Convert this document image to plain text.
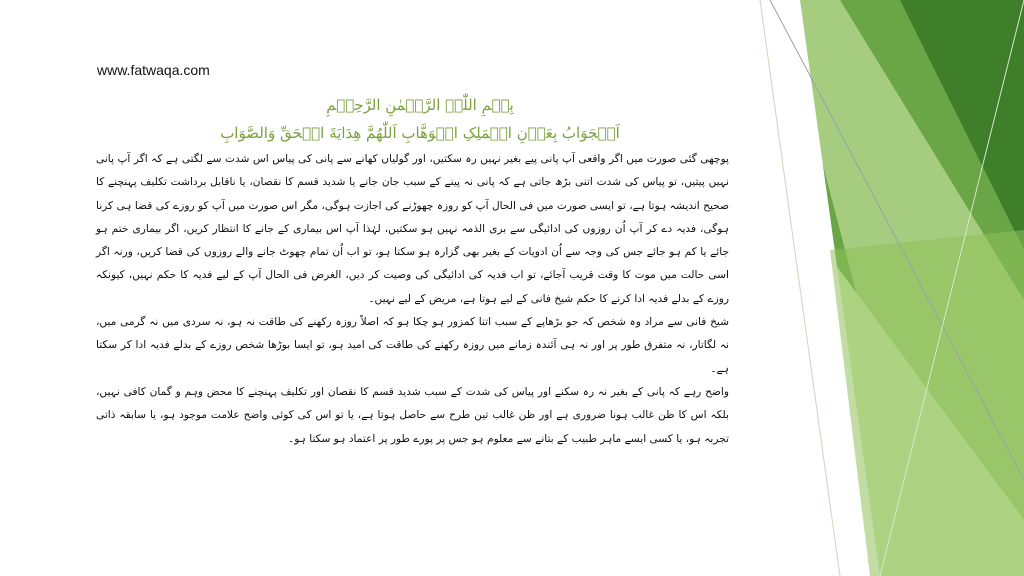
www.fatwaqa.com
بِسۡمِ اللّٰہِ الرَّحۡمٰنِ الرَّحِیۡمِ
اَلۡجَوَابُ بِعَوۡنِ الۡمَلِکِ الۡوَهَّابِ اَللّٰهُمَّ هِدَایَةَ الۡحَقِّ وَالصَّوَابِ

پوچھی گئی صورت میں اگر واقعی آپ پانی پیے بغیر نہیں رہ سکتیں، اور گولیاں کھانے سے پانی کی پیاس اس شدت سے لگتی ہے کہ اگر آپ پانی نہیں پیتیں، تو پیاس کی شدت اتنی بڑھ جاتی ہے کہ پانی نہ پینے کے سبب جان جانے یا شدید قسم کا نقصان، یا ناقابل برداشت تکلیف پہنچنے کا صحیح اندیشہ ہوتا ہے، تو ایسی صورت میں فی الحال آپ کو روزہ چھوڑنے کی اجازت ہوگی، مگر اس صورت میں آپ کو روزے کی قضا ہی کرنا ہوگی، فدیہ دے کر آپ اُن روزوں کی ادائیگی سے بری الذمہ نہیں ہو سکتیں، لہٰذا آپ اس بیماری کے جانے کا انتظار کریں، اگر بیماری ختم ہو جائے یا کم ہو جائے جس کی وجہ سے اُن ادویات کے بغیر بھی گزارہ ہو سکتا ہو، تو اب اُن تمام چھوٹ جانے والے روزوں کی قضا کریں، ورنہ اگر اسی حالت میں موت کا وقت قریب آجائے، تو اب فدیہ کی ادائیگی کی وصیت کر دیں، الغرض فی الحال آپ کے لیے فدیہ کا حکم نہیں، کیونکہ روزے کے بدلے فدیہ ادا کرنے کا حکم شیخ فانی کے لیے ہوتا ہے، مریض کے لیے نہیں۔

شیخ فانی سے مراد وہ شخص کہ جو بڑھاپے کے سبب اتنا کمزور ہو چکا ہو کہ اصلاً روزہ رکھنے کی طاقت نہ ہو، نہ سردی میں نہ گرمی میں، نہ لگاتار، نہ متفرق طور پر اور نہ ہی آئندہ زمانے میں روزہ رکھنے کی طاقت کی امید ہو، تو ایسا بوڑھا شخص روزے کے بدلے فدیہ ادا کر سکتا ہے۔

واضح رہے کہ پانی کے بغیر نہ رہ سکنے اور پیاس کی شدت کے سبب شدید قسم کا نقصان اور تکلیف پہنچنے کا محض وہم و گمان کافی نہیں، بلکہ اس کا ظن غالب ہونا ضروری ہے اور ظن غالب تین طرح سے حاصل ہوتا ہے، یا تو اس کی کوئی واضح علامت موجود ہو، یا سابقہ ذاتی تجربہ ہو، یا کسی ایسے ماہر طبیب کے بتانے سے معلوم ہو جس پر پورے طور پر اعتماد ہو سکتا ہو۔
